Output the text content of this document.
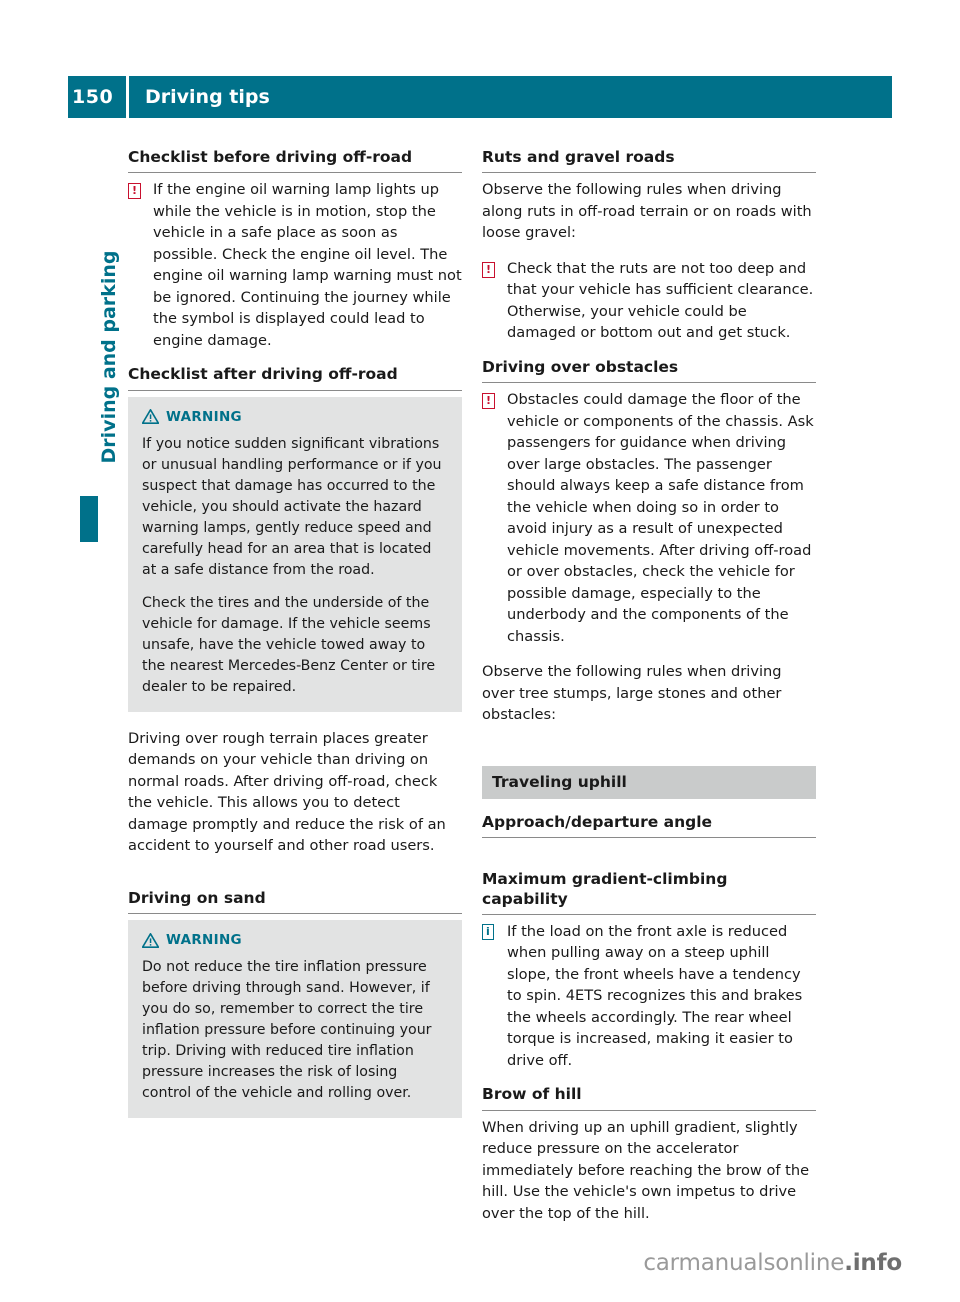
150	Driving tips
Driving and parking
Checklist before driving off-road
!	If the engine oil warning lamp lights up while the vehicle is in motion, stop the vehicle in a safe place as soon as possible. Check the engine oil level. The engine oil warning lamp warning must not be ignored. Continuing the journey while the symbol is displayed could lead to engine damage.
Checklist after driving off-road
WARNING

If you notice sudden significant vibrations or unusual handling performance or if you suspect that damage has occurred to the vehicle, you should activate the hazard warning lamps, gently reduce speed and carefully head for an area that is located at a safe distance from the road.

Check the tires and the underside of the vehicle for damage. If the vehicle seems unsafe, have the vehicle towed away to the nearest Mercedes-Benz Center or tire dealer to be repaired.

Driving over rough terrain places greater demands on your vehicle than driving on normal roads. After driving off-road, check the vehicle. This allows you to detect damage promptly and reduce the risk of an accident to yourself and other road users.

Driving on sand
WARNING

Do not reduce the tire inflation pressure before driving through sand. However, if you do so, remember to correct the tire inflation pressure before continuing your trip. Driving with reduced tire inflation pressure increases the risk of losing control of the vehicle and rolling over.

Ruts and gravel roads

Observe the following rules when driving along ruts in off-road terrain or on roads with loose gravel:

!	Check that the ruts are not too deep and that your vehicle has sufficient clearance. Otherwise, your vehicle could be damaged or bottom out and get stuck.
Driving over obstacles
!	Obstacles could damage the floor of the vehicle or components of the chassis. Ask passengers for guidance when driving over large obstacles. The passenger should always keep a safe distance from the vehicle when doing so in order to avoid injury as a result of unexpected vehicle movements. After driving off-road or over obstacles, check the vehicle for possible damage, especially to the underbody and the components of the chassis.

Observe the following rules when driving over tree stumps, large stones and other obstacles:

Traveling uphill
Approach/departure angle
Maximum gradient-climbing capability
i	If the load on the front axle is reduced when pulling away on a steep uphill slope, the front wheels have a tendency to spin. 4ETS recognizes this and brakes the wheels accordingly. The rear wheel torque is increased, making it easier to drive off.
Brow of hill

When driving up an uphill gradient, slightly reduce pressure on the accelerator immediately before reaching the brow of the hill. Use the vehicle's own impetus to drive over the top of the hill.

carmanualsonline.info
